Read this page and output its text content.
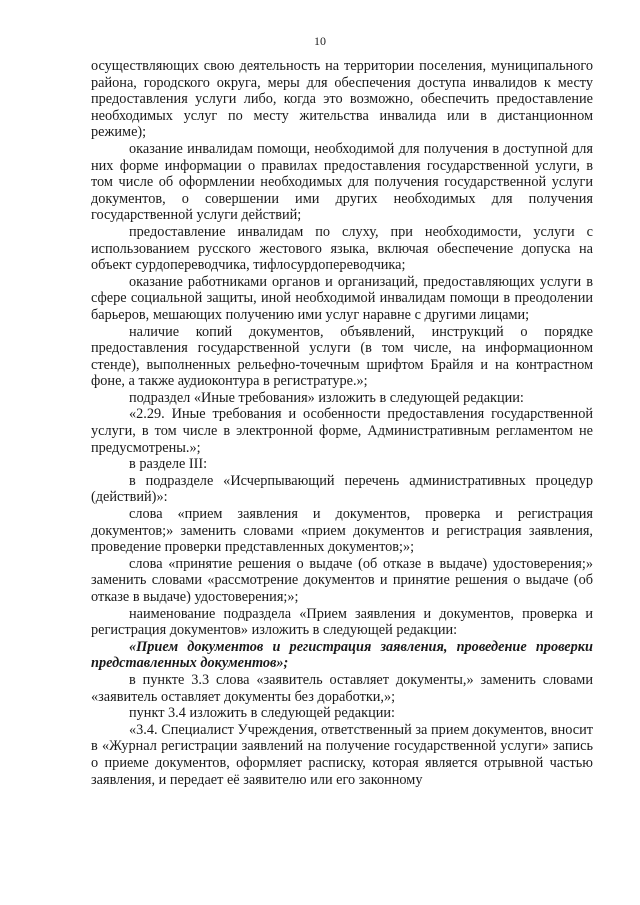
10

осуществляющих свою деятельность на территории поселения, муниципального района, городского округа, меры для обеспечения доступа инвалидов к месту предоставления услуги либо, когда это возможно, обеспечить предоставление необходимых услуг по месту жительства инвалида или в дистанционном режиме);

оказание инвалидам помощи, необходимой для получения в доступной для них форме информации о правилах предоставления государственной услуги, в том числе об оформлении необходимых для получения государственной услуги документов, о совершении ими других необходимых для получения государственной услуги действий;

предоставление инвалидам по слуху, при необходимости, услуги с использованием русского жестового языка, включая обеспечение допуска на объект сурдопереводчика, тифлосурдопереводчика;

оказание работниками органов и организаций, предоставляющих услуги в сфере социальной защиты, иной необходимой инвалидам помощи в преодолении барьеров, мешающих получению ими услуг наравне с другими лицами;

наличие копий документов, объявлений, инструкций о порядке предоставления государственной услуги (в том числе, на информационном стенде), выполненных рельефно-точечным шрифтом Брайля и на контрастном фоне, а также аудиоконтура в регистратуре.»;

подраздел «Иные требования» изложить в следующей редакции:

«2.29. Иные требования и особенности предоставления государственной услуги, в том числе в электронной форме, Административным регламентом не предусмотрены.»;

в разделе III:

в подразделе «Исчерпывающий перечень административных процедур (действий)»:

слова «прием заявления и документов, проверка и регистрация документов;» заменить словами «прием документов и регистрация заявления, проведение проверки представленных документов;»;

слова «принятие решения о выдаче (об отказе в выдаче) удостоверения;» заменить словами «рассмотрение документов и принятие решения о выдаче (об отказе в выдаче) удостоверения;»;

наименование подраздела «Прием заявления и документов, проверка и регистрация документов» изложить в следующей редакции:

«Прием документов и регистрация заявления, проведение проверки представленных документов»;

в пункте 3.3 слова «заявитель оставляет документы,» заменить словами «заявитель оставляет документы без доработки,»;

пункт 3.4 изложить в следующей редакции:

«3.4. Специалист Учреждения, ответственный за прием документов, вносит в «Журнал регистрации заявлений на получение государственной услуги» запись о приеме документов, оформляет расписку, которая является отрывной частью заявления, и передает её заявителю или его законному
